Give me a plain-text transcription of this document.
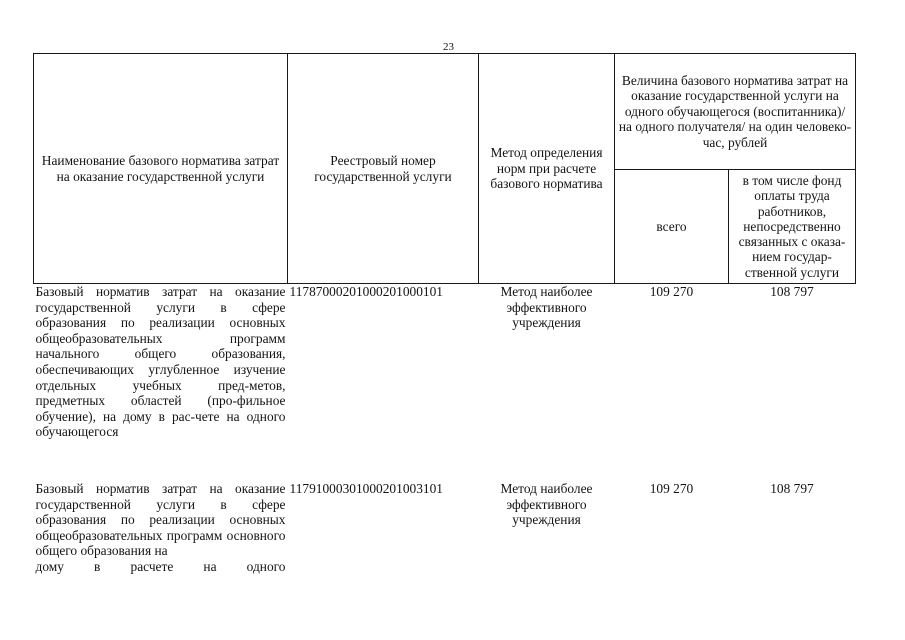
23
Наименование базового норматива затрат на оказание государственной услуги	Реестровый номер государственной услуги	Метод определения норм при расчете базового норматива	Величина базового норматива затрат на оказание государственной услуги на одного обучающегося (воспитанника)/ на одного получателя/ на один человеко-час, рублей	
			всего	в том числе фонд оплаты труда работников, непосредственно связанных с оказа-нием государ-ственной услуги
Базовый норматив затрат на оказание государственной услуги в сфере образования по реализации основных общеобразовательных программ начального общего образования, обеспечивающих углубленное изучение отдельных учебных пред-метов, предметных областей (про-фильное обучение), на дому в рас-чете на одного обучающегося	11787000201000201000101	Метод наиболее эффективного учреждения	109 270	108 797

Базовый норматив затрат на оказание государственной услуги в сфере образования по реализации основных общеобразовательных программ основного общего образования на
дому в расчете на одного	11791000301000201003101	Метод наиболее эффективного учреждения	109 270	108 797
